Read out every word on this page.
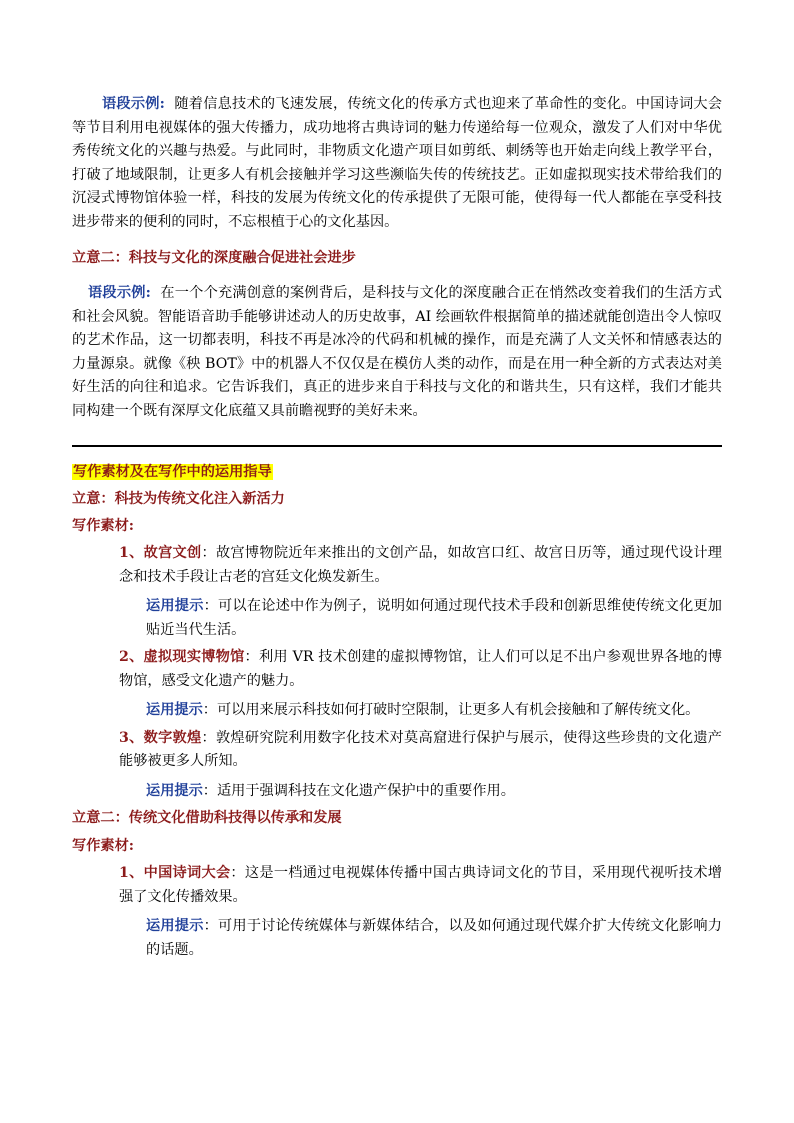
语段示例: 随着信息技术的飞速发展，传统文化的传承方式也迎来了革命性的变化。中国诗词大会等节目利用电视媒体的强大传播力，成功地将古典诗词的魅力传递给每一位观众，激发了人们对中华优秀传统文化的兴趣与热爱。与此同时，非物质文化遗产项目如剪纸、刺绣等也开始走向线上教学平台，打破了地域限制，让更多人有机会接触并学习这些濒临失传的传统技艺。正如虚拟现实技术带给我们的沉浸式博物馆体验一样，科技的发展为传统文化的传承提供了无限可能，使得每一代人都能在享受科技进步带来的便利的同时，不忘根植于心的文化基因。

立意二：科技与文化的深度融合促进社会进步

语段示例: 在一个个充满创意的案例背后，是科技与文化的深度融合正在悄然改变着我们的生活方式和社会风貌。智能语音助手能够讲述动人的历史故事，AI 绘画软件根据简单的描述就能创造出令人惊叹的艺术作品，这一切都表明，科技不再是冰冷的代码和机械的操作，而是充满了人文关怀和情感表达的力量源泉。就像《秧 BOT》中的机器人不仅仅是在模仿人类的动作，而是在用一种全新的方式表达对美好生活的向往和追求。它告诉我们，真正的进步来自于科技与文化的和谐共生，只有这样，我们才能共同构建一个既有深厚文化底蕴又具前瞻视野的美好未来。

写作素材及在写作中的运用指导

立意：科技为传统文化注入新活力

写作素材:

1、故宫文创：故宫博物院近年来推出的文创产品，如故宫口红、故宫日历等，通过现代设计理念和技术手段让古老的宫廷文化焕发新生。

运用提示：可以在论述中作为例子，说明如何通过现代技术手段和创新思维使传统文化更加贴近当代生活。

2、虚拟现实博物馆：利用 VR 技术创建的虚拟博物馆，让人们可以足不出户参观世界各地的博物馆，感受文化遗产的魅力。

运用提示：可以用来展示科技如何打破时空限制，让更多人有机会接触和了解传统文化。

3、数字敦煌：敦煌研究院利用数字化技术对莫高窟进行保护与展示，使得这些珍贵的文化遗产能够被更多人所知。

运用提示：适用于强调科技在文化遗产保护中的重要作用。

立意二：传统文化借助科技得以传承和发展

写作素材:

1、中国诗词大会：这是一档通过电视媒体传播中国古典诗词文化的节目，采用现代视听技术增强了文化传播效果。

运用提示：可用于讨论传统媒体与新媒体结合，以及如何通过现代媒介扩大传统文化影响力的话题。
